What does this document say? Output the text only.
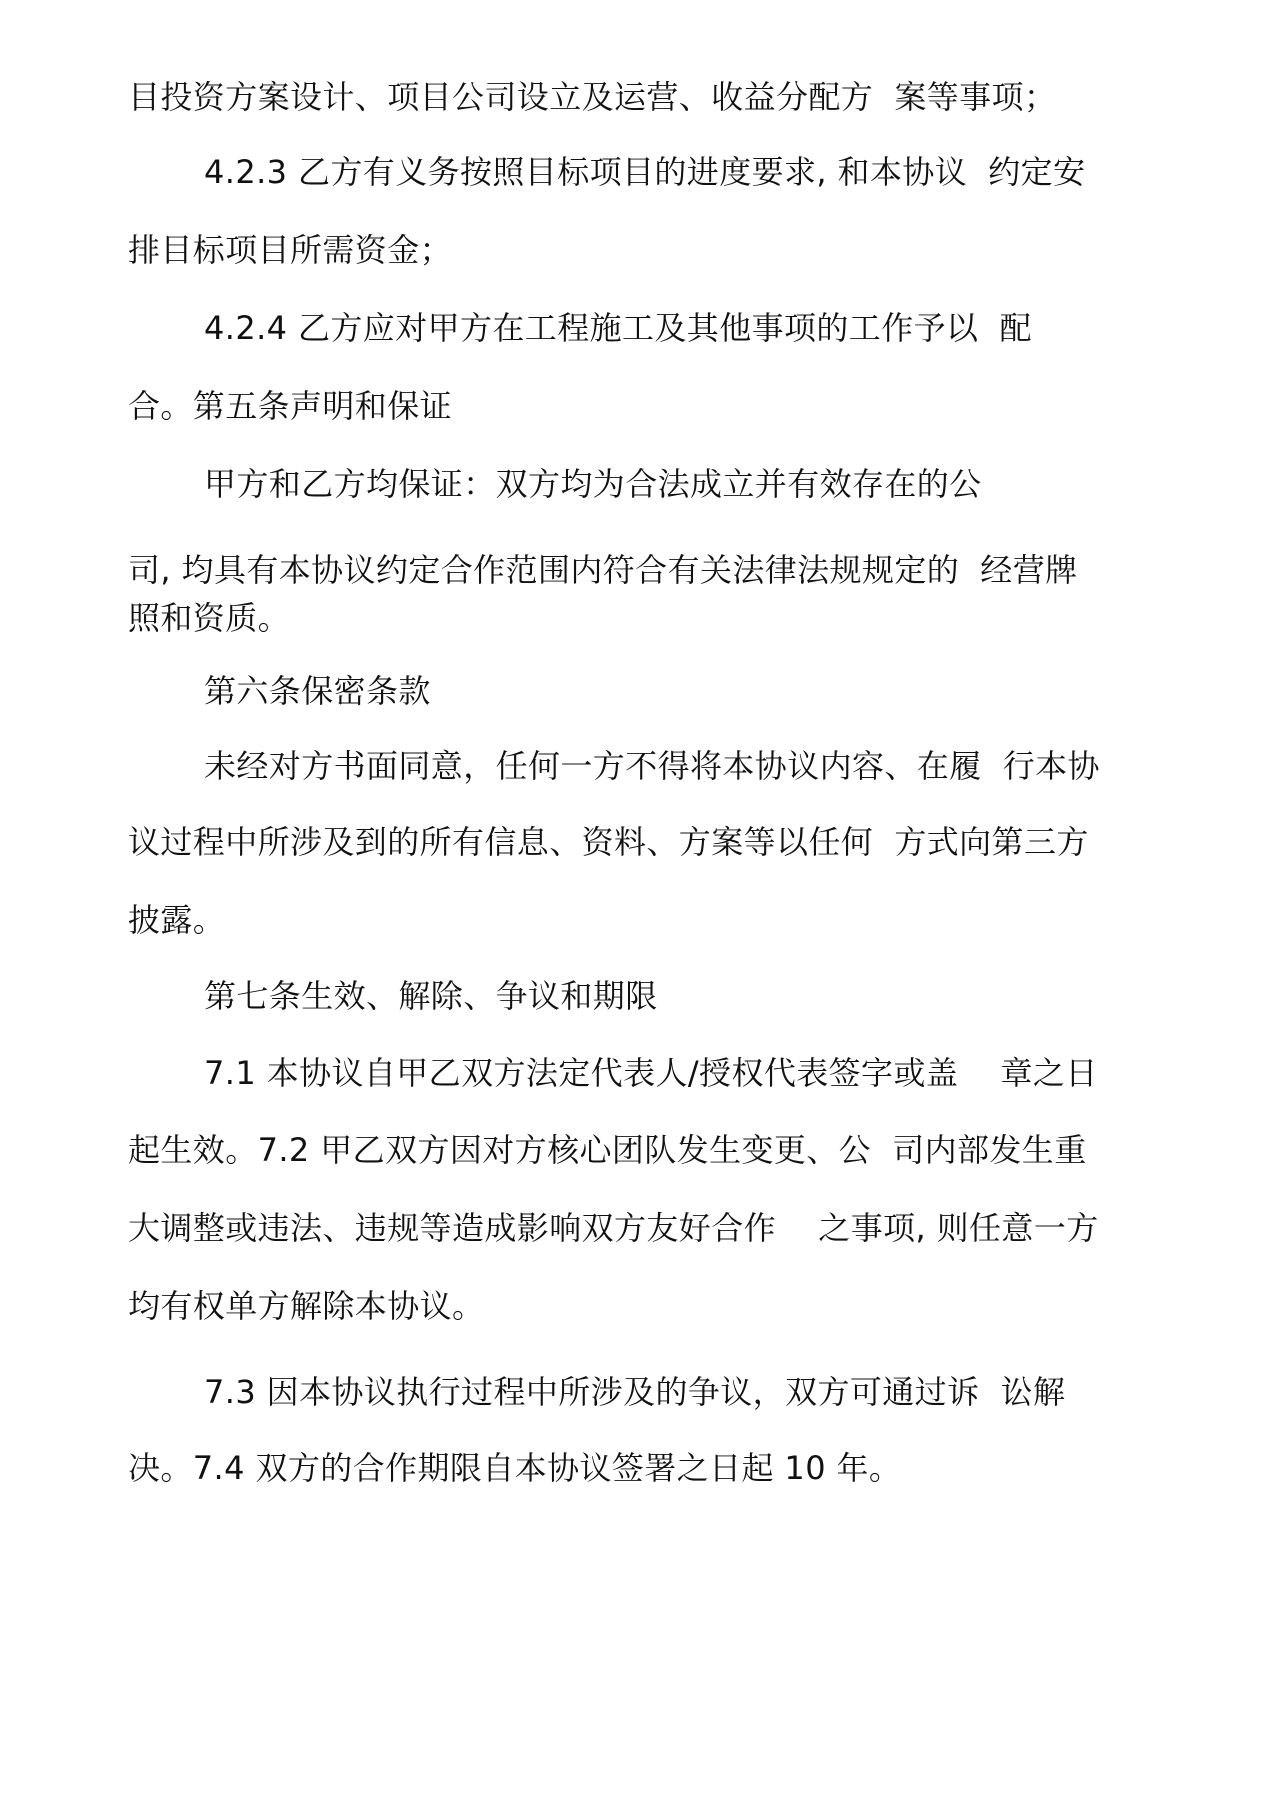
目投资方案设计、项目公司设立及运营、收益分配方  案等事项；
4.2.3 乙方有义务按照目标项目的进度要求, 和本协议  约定安
排目标项目所需资金；
4.2.4 乙方应对甲方在工程施工及其他事项的工作予以  配
合。第五条声明和保证
甲方和乙方均保证：双方均为合法成立并有效存在的公
司, 均具有本协议约定合作范围内符合有关法律法规规定的  经营牌
照和资质。
第六条保密条款
未经对方书面同意，任何一方不得将本协议内容、在履  行本协
议过程中所涉及到的所有信息、资料、方案等以任何  方式向第三方
披露。
第七条生效、解除、争议和期限
7.1 本协议自甲乙双方法定代表人/授权代表签字或盖    章之日
起生效。7.2 甲乙双方因对方核心团队发生变更、公  司内部发生重
大调整或违法、违规等造成影响双方友好合作    之事项, 则任意一方
均有权单方解除本协议。
7.3 因本协议执行过程中所涉及的争议，双方可通过诉  讼解
决。7.4 双方的合作期限自本协议签署之日起 10 年。
